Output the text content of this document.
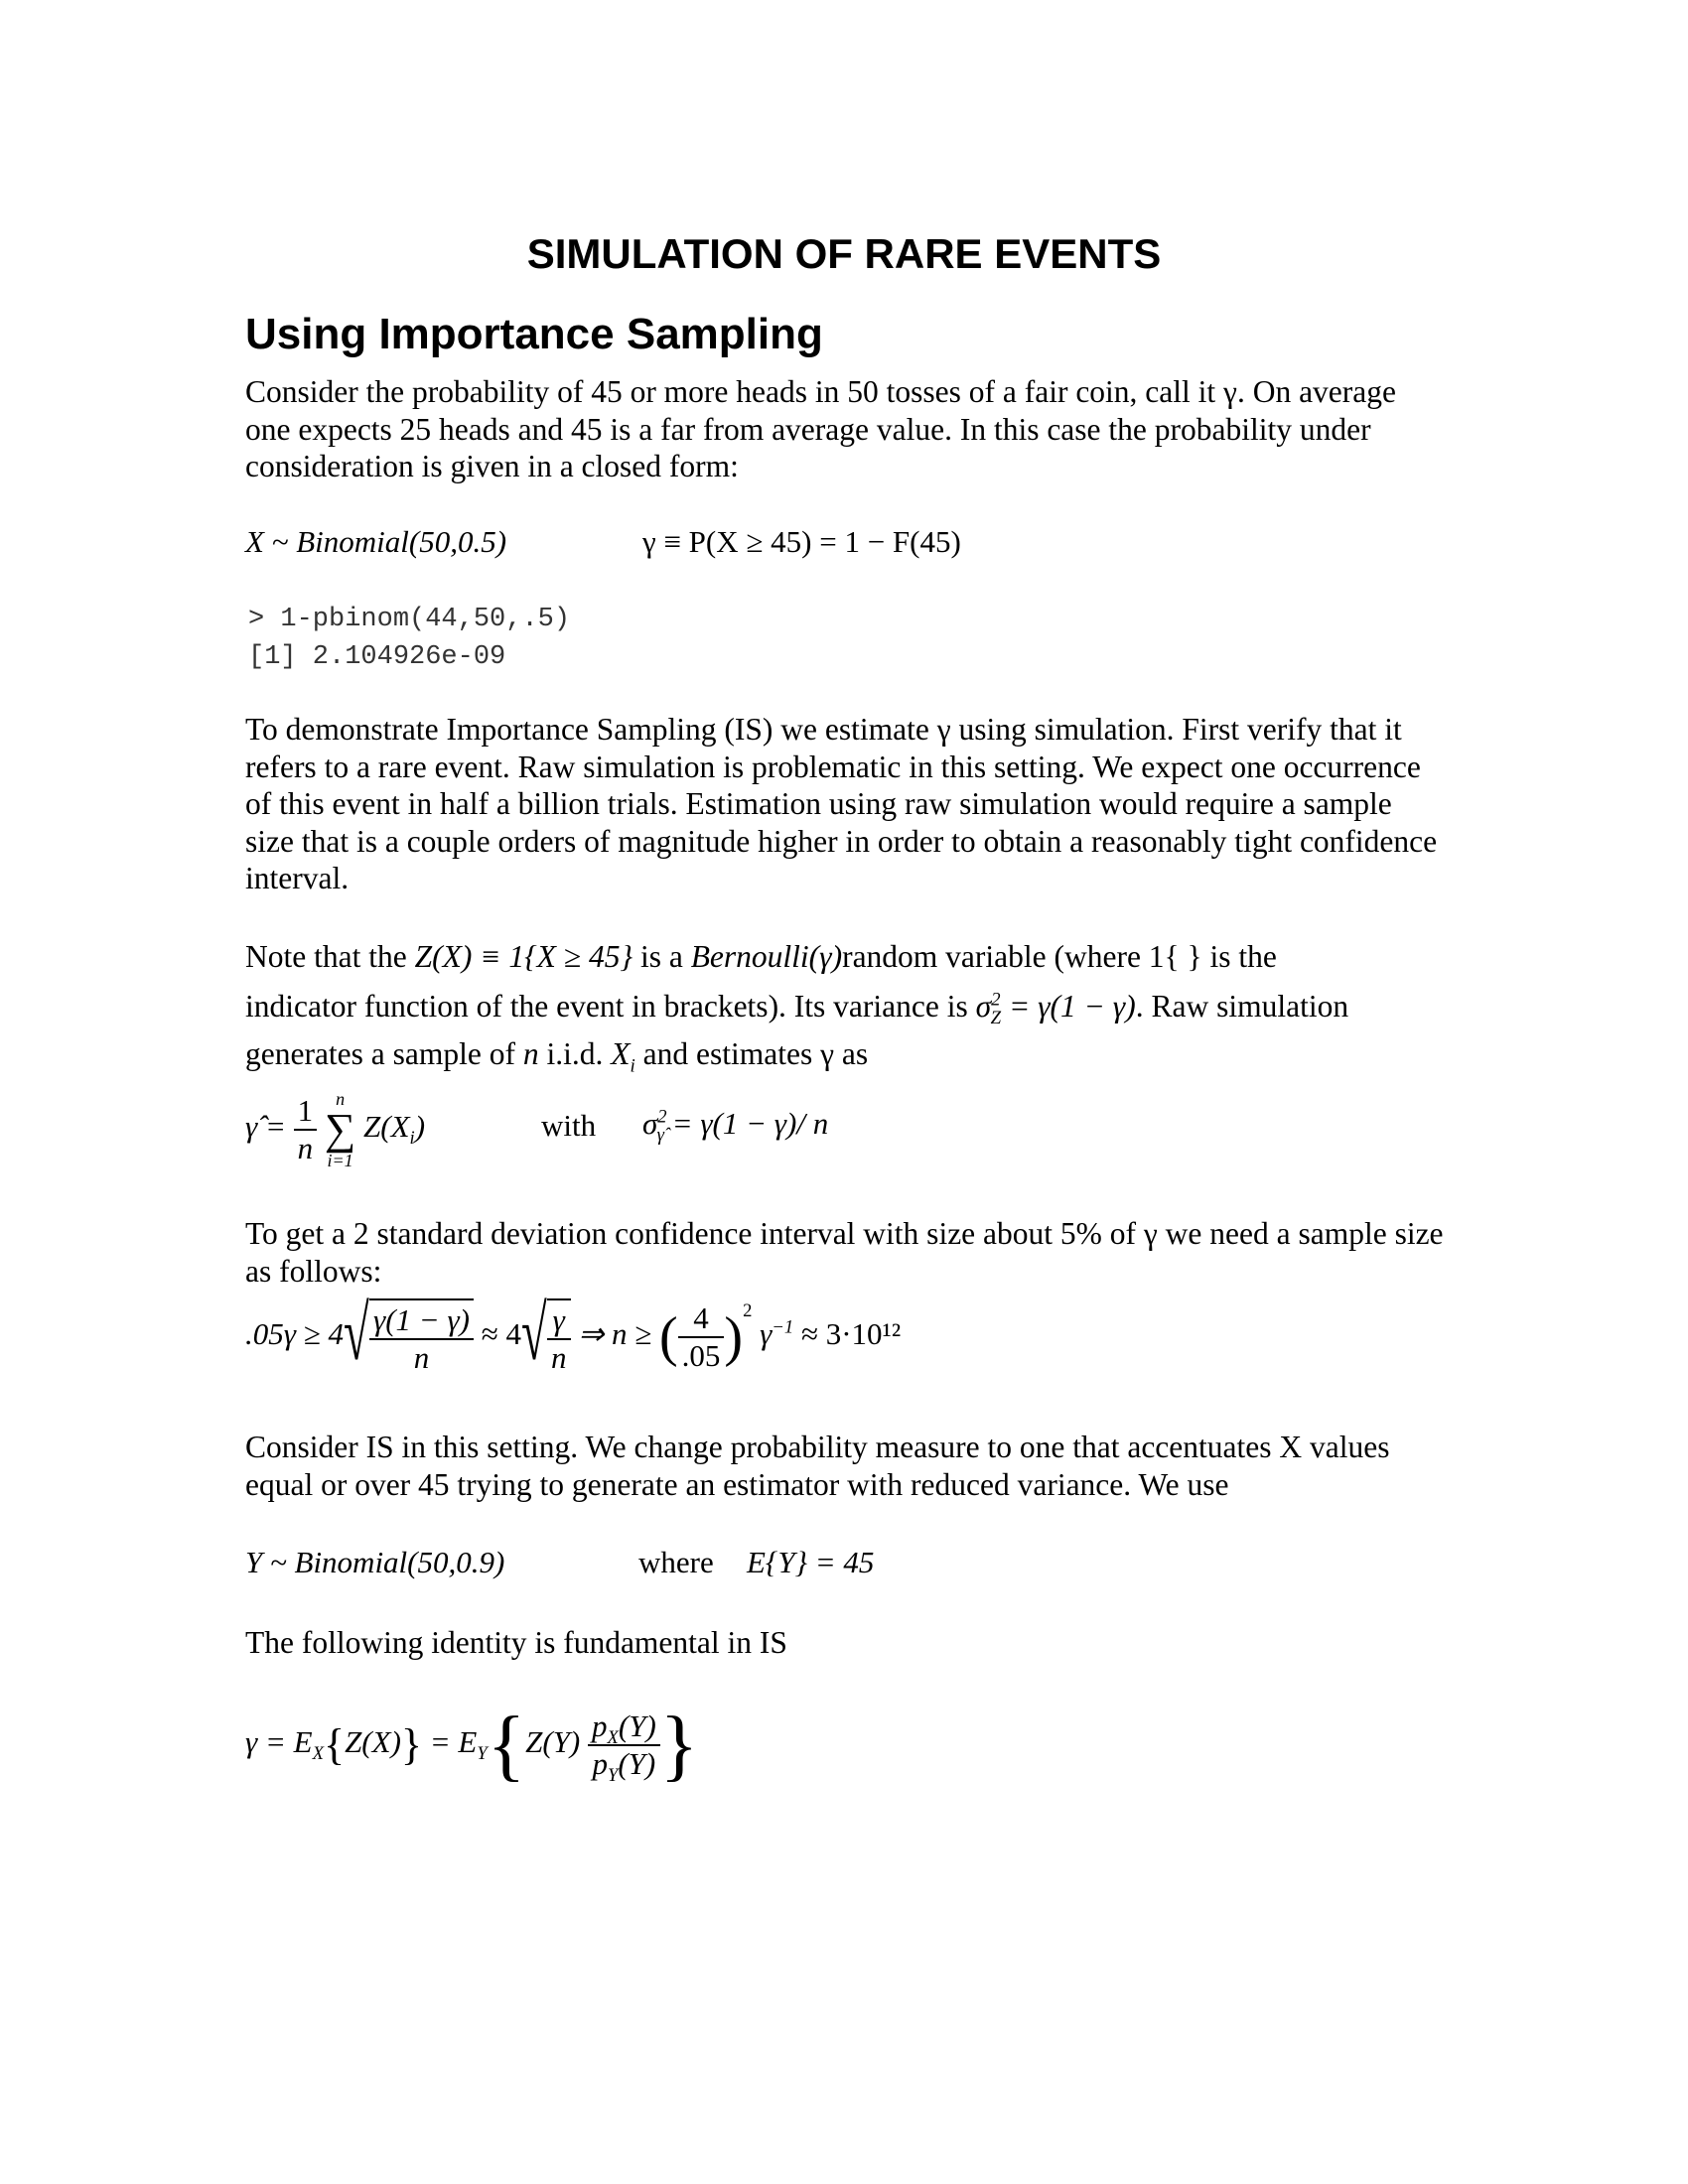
SIMULATION OF RARE EVENTS
Using Importance Sampling
Consider the probability of 45 or more heads in 50 tosses of a fair coin, call it γ. On average one expects 25 heads and 45 is a far from average value. In this case the probability under consideration is given in a closed form:
X ~ Binomial(50,0.5)	γ ≡ P(X ≥ 45) = 1 − F(45)
> 1-pbinom(44,50,.5)
[1] 2.104926e-09
To demonstrate Importance Sampling (IS) we estimate γ using simulation. First verify that it refers to a rare event. Raw simulation is problematic in this setting. We expect one occurrence of this event in half a billion trials. Estimation using raw simulation would require a sample size that is a couple orders of magnitude higher in order to obtain a reasonably tight confidence interval.
Note that the Z(X) ≡ 1{X ≥ 45} is a Bernoulli(γ)random variable (where 1{ } is the
indicator function of the event in brackets). Its variance is $\sigma^2_Z = \gamma(1 - \gamma)$. Raw simulation
generates a sample of n i.i.d. $X_i$ and estimates γ as
γ̂ = $\frac{1}{n}$
	n
∑
i=1
$Z(X_i)$	with $\sigma^2_{\gammâ} = \gamma(1 - \gamma)/$ n
To get a 2 standard deviation confidence interval with size about 5% of γ we need a sample size as follows:
.05γ ≥ 4 √ $\frac{\gamma(1 - \gamma)}{n} \approx 4$ √ $\frac{\gamma}{n}$ ⇒ n ≥ ( $\frac{4}{.05} )^2$ $\gamma^{-1} \approx 3\cdot 10^{12}$
Consider IS in this setting. We change probability measure to one that accentuates X values equal or over 45 trying to generate an estimator with reduced variance. We use
Y ~ Binomial(50,0.9)	where E{Y} = 45
The following identity is fundamental in IS
$\gamma = E_X\{Z(X)\} = E_Y\{Z(Y) \frac{p_X(Y)}{p_Y(Y)}$ }
